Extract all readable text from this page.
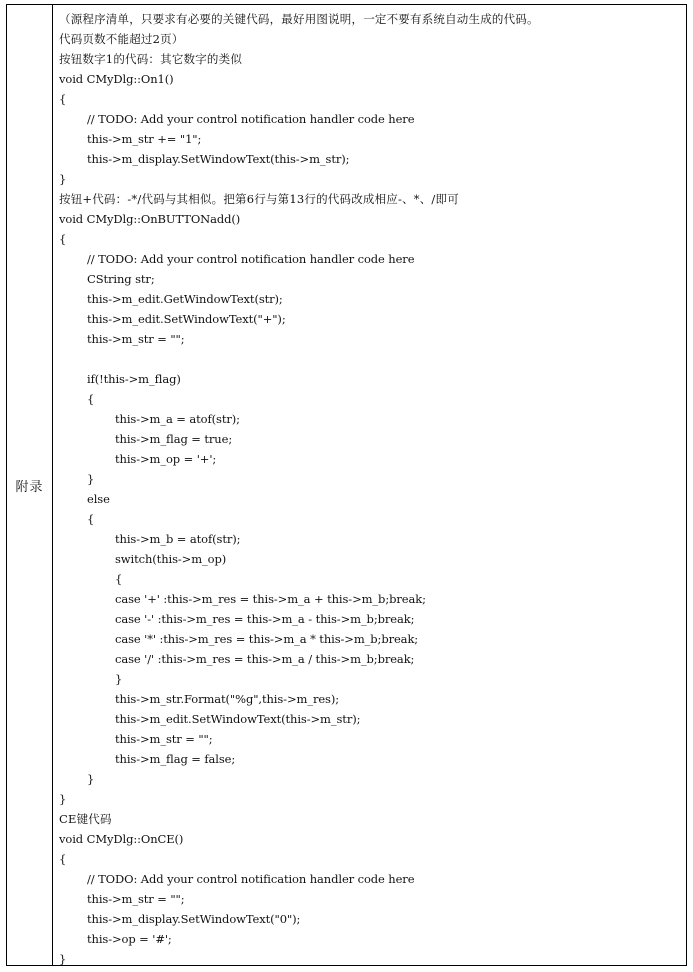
附录
（源程序清单，只要求有必要的关键代码，最好用图说明，一定不要有系统自动生成的代码。
代码页数不能超过2页）
按钮数字1的代码：其它数字的类似
void CMyDlg::On1()
{
// TODO: Add your control notification handler code here
this->m_str += "1";
this->m_display.SetWindowText(this->m_str);
}
按钮+代码：-*/代码与其相似。把第6行与第13行的代码改成相应-、*、/即可
void CMyDlg::OnBUTTONadd()
{
// TODO: Add your control notification handler code here
CString str;
this->m_edit.GetWindowText(str);
this->m_edit.SetWindowText("+");
this->m_str = "";
if(!this->m_flag)
{
this->m_a = atof(str);
this->m_flag = true;
this->m_op = '+';
}
else
{
this->m_b = atof(str);
switch(this->m_op)
{
case '+' :this->m_res = this->m_a + this->m_b;break;
case '-' :this->m_res = this->m_a - this->m_b;break;
case '*' :this->m_res = this->m_a * this->m_b;break;
case '/' :this->m_res = this->m_a / this->m_b;break;
}
this->m_str.Format("%g",this->m_res);
this->m_edit.SetWindowText(this->m_str);
this->m_str = "";
this->m_flag = false;
}
}
CE键代码
void CMyDlg::OnCE()
{
// TODO: Add your control notification handler code here
this->m_str = "";
this->m_display.SetWindowText("0");
this->op = '#';
}
